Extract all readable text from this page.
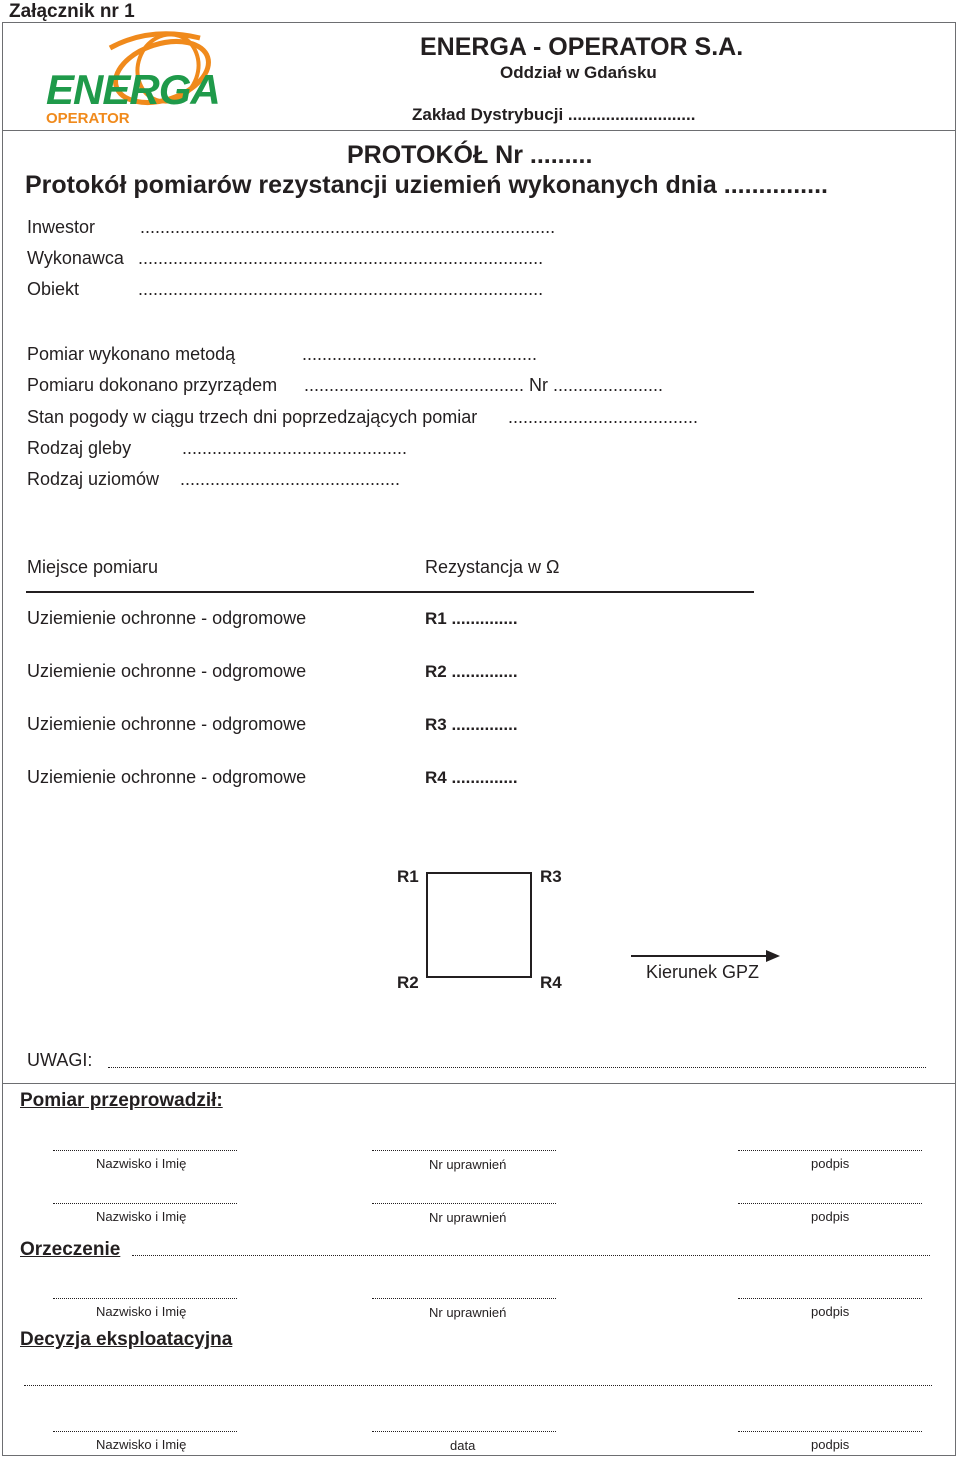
Załącznik nr 1
ENERGA
OPERATOR
ENERGA - OPERATOR S.A.
Oddział w Gdańsku
Zakład Dystrybucji ...........................
PROTOKÓŁ Nr .........
Protokół pomiarów rezystancji uziemień wykonanych dnia ...............
Inwestor ...................................................................................
Wykonawca .................................................................................
Obiekt	.................................................................................
Pomiar wykonano metodą	...............................................
Pomiaru dokonano przyrządem ............................................ Nr ......................
Stan pogody w ciągu trzech dni poprzedzających pomiar ......................................
Rodzaj gleby	.............................................
Rodzaj uziomów ............................................
Miejsce pomiaru	Rezystancja w Ω
Uziemienie ochronne - odgromowe	R1 ..............
Uziemienie ochronne - odgromowe	R2 ..............
Uziemienie ochronne - odgromowe	R3 ..............
Uziemienie ochronne - odgromowe	R4 ..............
R1	R3
R2	R4
Kierunek GPZ
UWAGI:
Pomiar przeprowadził:
Nazwisko i Imię	Nr uprawnień	podpis
Nazwisko i Imię	Nr uprawnień	podpis
Orzeczenie
Nazwisko i Imię	Nr uprawnień	podpis
Decyzja eksploatacyjna
Nazwisko i Imię	data	podpis
